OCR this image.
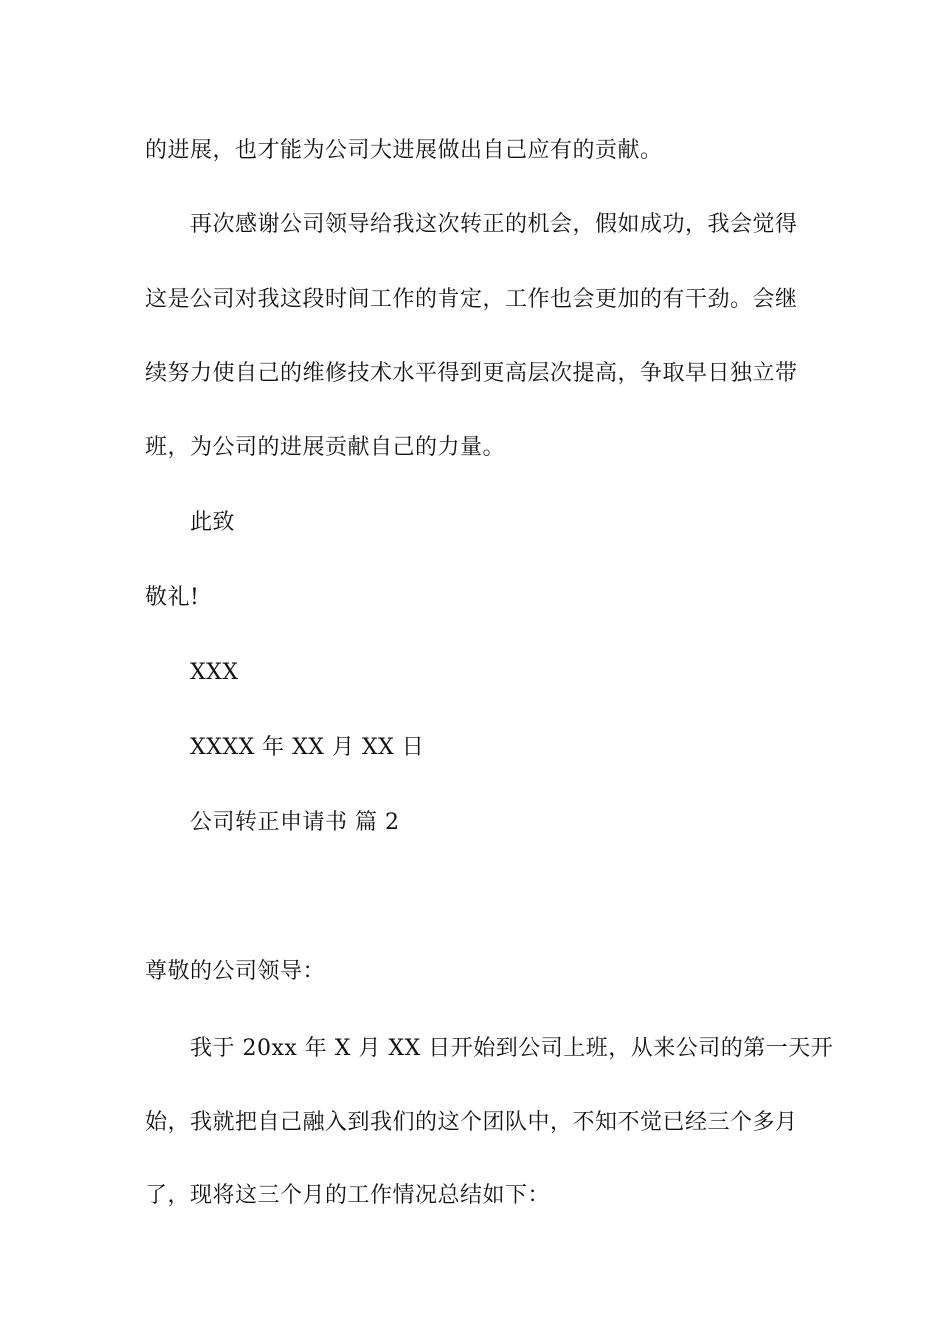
的进展，也才能为公司大进展做出自己应有的贡献。
再次感谢公司领导给我这次转正的机会，假如成功，我会觉得
这是公司对我这段时间工作的肯定，工作也会更加的有干劲。会继
续努力使自己的维修技术水平得到更高层次提高，争取早日独立带
班，为公司的进展贡献自己的力量。
此致
敬礼!
XXX
XXXX 年 XX 月 XX 日
公司转正申请书 篇 2
尊敬的公司领导：
我于 20xx 年 X 月 XX 日开始到公司上班，从来公司的第一天开
始，我就把自己融入到我们的这个团队中，不知不觉已经三个多月
了，现将这三个月的工作情况总结如下：
